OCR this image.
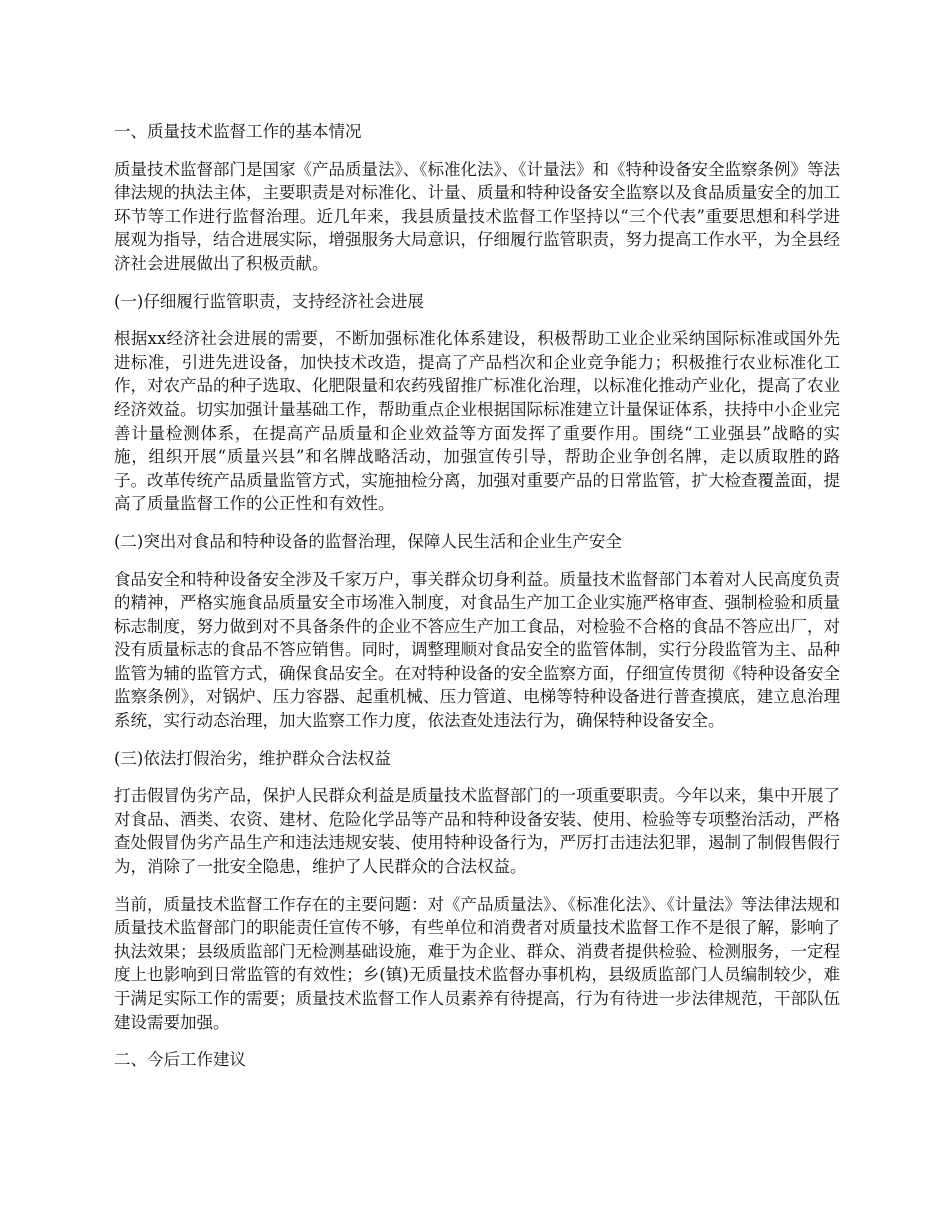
一、质量技术监督工作的基本情况

质量技术监督部门是国家《产品质量法》、《标准化法》、《计量法》和《特种设备安全监察条例》等法律法规的执法主体，主要职责是对标准化、计量、质量和特种设备安全监察以及食品质量安全的加工环节等工作进行监督治理。近几年来，我县质量技术监督工作坚持以“三个代表”重要思想和科学进展观为指导，结合进展实际，增强服务大局意识，仔细履行监管职责，努力提高工作水平，为全县经济社会进展做出了积极贡献。

(一)仔细履行监管职责，支持经济社会进展

根据xx经济社会进展的需要，不断加强标准化体系建设，积极帮助工业企业采纳国际标准或国外先进标准，引进先进设备，加快技术改造，提高了产品档次和企业竞争能力；积极推行农业标准化工作，对农产品的种子选取、化肥限量和农药残留推广标准化治理，以标准化推动产业化，提高了农业经济效益。切实加强计量基础工作，帮助重点企业根据国际标准建立计量保证体系，扶持中小企业完善计量检测体系，在提高产品质量和企业效益等方面发挥了重要作用。围绕“工业强县”战略的实施，组织开展“质量兴县”和名牌战略活动，加强宣传引导，帮助企业争创名牌，走以质取胜的路子。改革传统产品质量监管方式，实施抽检分离，加强对重要产品的日常监管，扩大检查覆盖面，提高了质量监督工作的公正性和有效性。

(二)突出对食品和特种设备的监督治理，保障人民生活和企业生产安全

食品安全和特种设备安全涉及千家万户，事关群众切身利益。质量技术监督部门本着对人民高度负责的精神，严格实施食品质量安全市场准入制度，对食品生产加工企业实施严格审查、强制检验和质量标志制度，努力做到对不具备条件的企业不答应生产加工食品，对检验不合格的食品不答应出厂，对没有质量标志的食品不答应销售。同时，调整理顺对食品安全的监管体制，实行分段监管为主、品种监管为辅的监管方式，确保食品安全。在对特种设备的安全监察方面，仔细宣传贯彻《特种设备安全监察条例》，对锅炉、压力容器、起重机械、压力管道、电梯等特种设备进行普查摸底，建立息治理系统，实行动态治理，加大监察工作力度，依法查处违法行为，确保特种设备安全。

(三)依法打假治劣，维护群众合法权益

打击假冒伪劣产品，保护人民群众利益是质量技术监督部门的一项重要职责。今年以来，集中开展了对食品、酒类、农资、建材、危险化学品等产品和特种设备安装、使用、检验等专项整治活动，严格查处假冒伪劣产品生产和违法违规安装、使用特种设备行为，严厉打击违法犯罪，遏制了制假售假行为，消除了一批安全隐患，维护了人民群众的合法权益。

当前，质量技术监督工作存在的主要问题：对《产品质量法》、《标准化法》、《计量法》等法律法规和质量技术监督部门的职能责任宣传不够，有些单位和消费者对质量技术监督工作不是很了解，影响了执法效果；县级质监部门无检测基础设施，难于为企业、群众、消费者提供检验、检测服务，一定程度上也影响到日常监管的有效性；乡(镇)无质量技术监督办事机构，县级质监部门人员编制较少，难于满足实际工作的需要；质量技术监督工作人员素养有待提高，行为有待进一步法律规范，干部队伍建设需要加强。

二、今后工作建议
